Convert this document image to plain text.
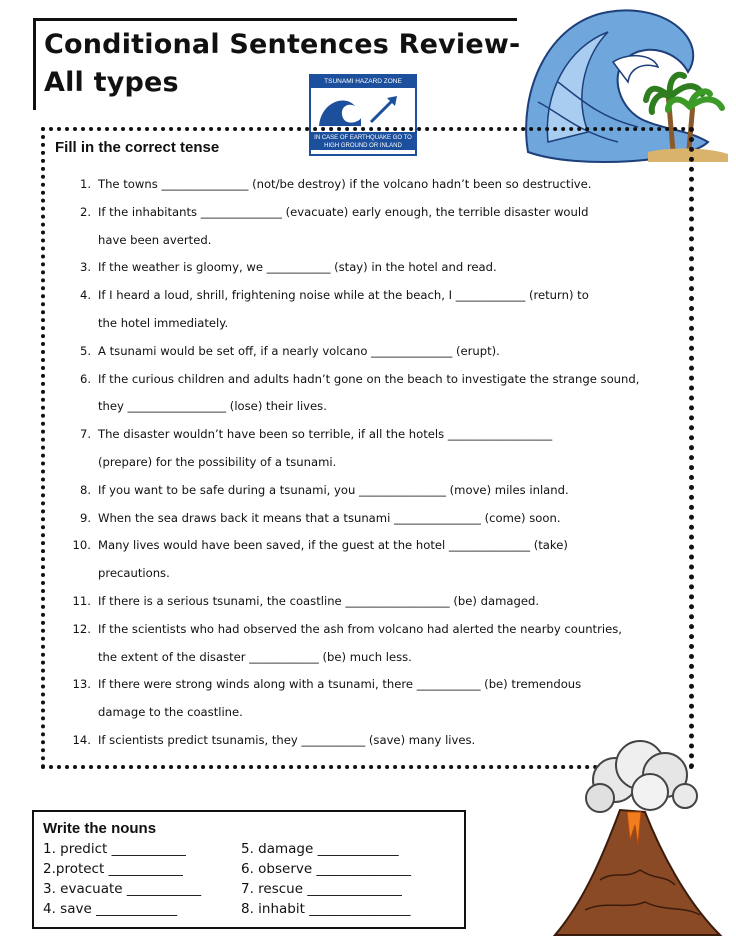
Conditional Sentences Review-
All types	TSUNAMI HAZARD ZONE
IN CASE OF EARTHQUAKE GO TO HIGH GROUND OR INLAND
Fill in the correct tense
1. The towns _______________ (not/be destroy) if the volcano hadn’t been so destructive.
2. If the inhabitants ______________ (evacuate) early enough, the terrible disaster would
have been averted.
3. If the weather is gloomy, we ___________ (stay) in the hotel and read.
4. If I heard a loud, shrill, frightening noise while at the beach, I ____________ (return) to
the hotel immediately.
5. A tsunami would be set off, if a nearly volcano ______________ (erupt).
6. If the curious children and adults hadn’t gone on the beach to investigate the strange sound,
they _________________ (lose) their lives.
7. The disaster wouldn’t have been so terrible, if all the hotels __________________
(prepare) for the possibility of a tsunami.
8. If you want to be safe during a tsunami, you _______________ (move) miles inland.
9. When the sea draws back it means that a tsunami _______________ (come) soon.
10. Many lives would have been saved, if the guest at the hotel ______________ (take)
precautions.
11. If there is a serious tsunami, the coastline __________________ (be) damaged.
12. If the scientists who had observed the ash from volcano had alerted the nearby countries,
the extent of the disaster ____________ (be) much less.
13. If there were strong winds along with a tsunami, there ___________ (be) tremendous
damage to the coastline.
14. If scientists predict tsunamis, they ___________ (save) many lives.
Write the nouns
1. predict ___________
2.protect ___________
3. evacuate ___________
4. save ____________
5. damage ____________
6. observe ______________
7. rescue ______________
8. inhabit _______________
